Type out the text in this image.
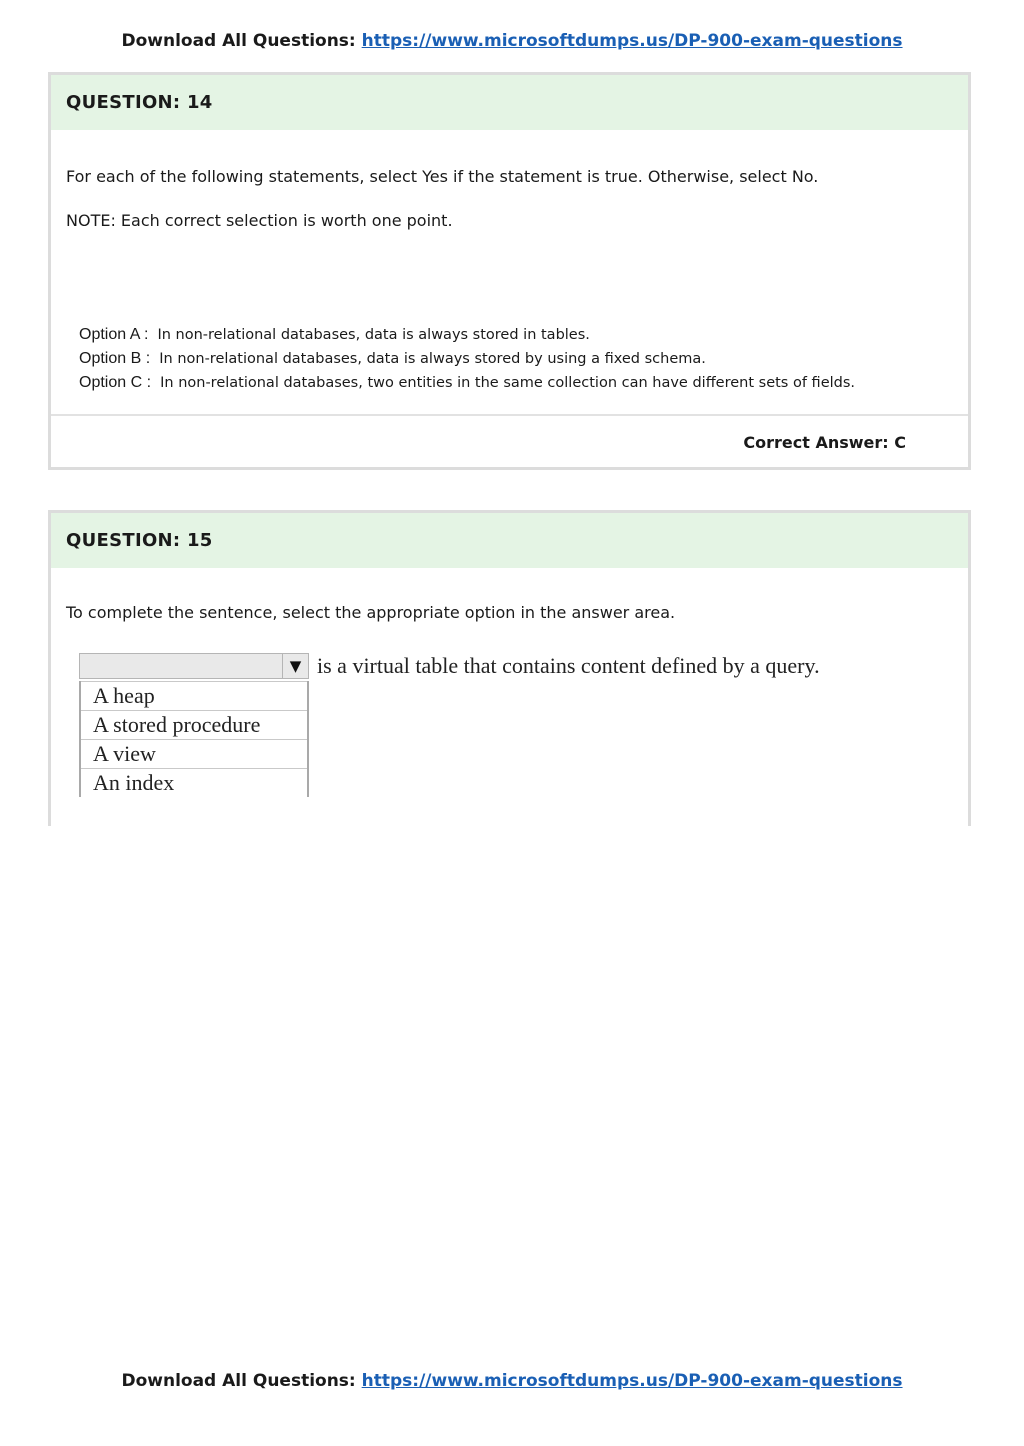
Download All Questions: https://www.microsoftdumps.us/DP-900-exam-questions
QUESTION: 14
For each of the following statements, select Yes if the statement is true. Otherwise, select No.
NOTE: Each correct selection is worth one point.
Option A : In non-relational databases, data is always stored in tables.
Option B : In non-relational databases, data is always stored by using a fixed schema.
Option C : In non-relational databases, two entities in the same collection can have different sets of fields.
Correct Answer: C
QUESTION: 15
To complete the sentence, select the appropriate option in the answer area.
▼ is a virtual table that contains content defined by a query.
A heap
A stored procedure
A view
An index
Download All Questions: https://www.microsoftdumps.us/DP-900-exam-questions
